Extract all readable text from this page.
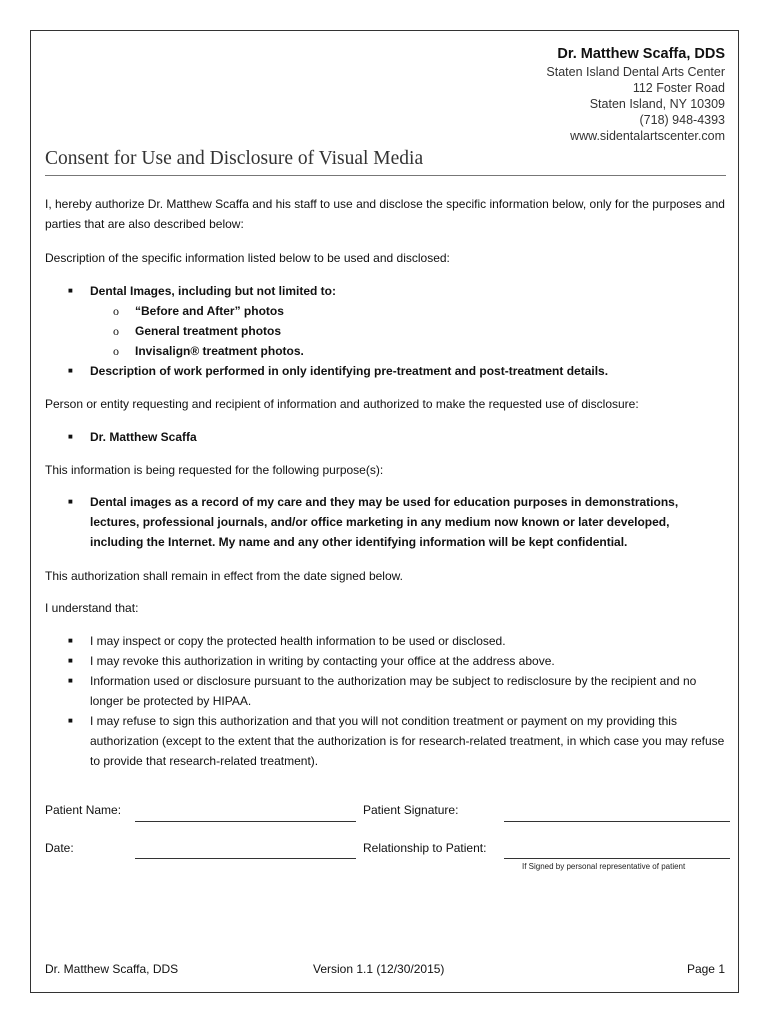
Dr. Matthew Scaffa, DDS
Staten Island Dental Arts Center
112 Foster Road
Staten Island, NY 10309
(718) 948-4393
www.sidentalartscenter.com
Consent for Use and Disclosure of Visual Media

I, hereby authorize Dr. Matthew Scaffa and his staff to use and disclose the specific information below, only for the purposes and parties that are also described below:

Description of the specific information listed below to be used and disclosed:

■ Dental Images, including but not limited to:
o “Before and After” photos
o General treatment photos
o Invisalign® treatment photos.
■ Description of work performed in only identifying pre-treatment and post-treatment details.

Person or entity requesting and recipient of information and authorized to make the requested use of disclosure:

■ Dr. Matthew Scaffa

This information is being requested for the following purpose(s):

■ Dental images as a record of my care and they may be used for education purposes in demonstrations, lectures, professional journals, and/or office marketing in any medium now known or later developed, including the Internet. My name and any other identifying information will be kept confidential.

This authorization shall remain in effect from the date signed below.

I understand that:

■ I may inspect or copy the protected health information to be used or disclosed.
■ I may revoke this authorization in writing by contacting your office at the address above.
■ Information used or disclosure pursuant to the authorization may be subject to redisclosure by the recipient and no longer be protected by HIPAA.
■ I may refuse to sign this authorization and that you will not condition treatment or payment on my providing this authorization (except to the extent that the authorization is for research-related treatment, in which case you may refuse to provide that research-related treatment).
Patient Name:	Patient Signature:
Date:	Relationship to Patient:
If Signed by personal representative of patient
Dr. Matthew Scaffa, DDS	Version 1.1 (12/30/2015)	Page 1
